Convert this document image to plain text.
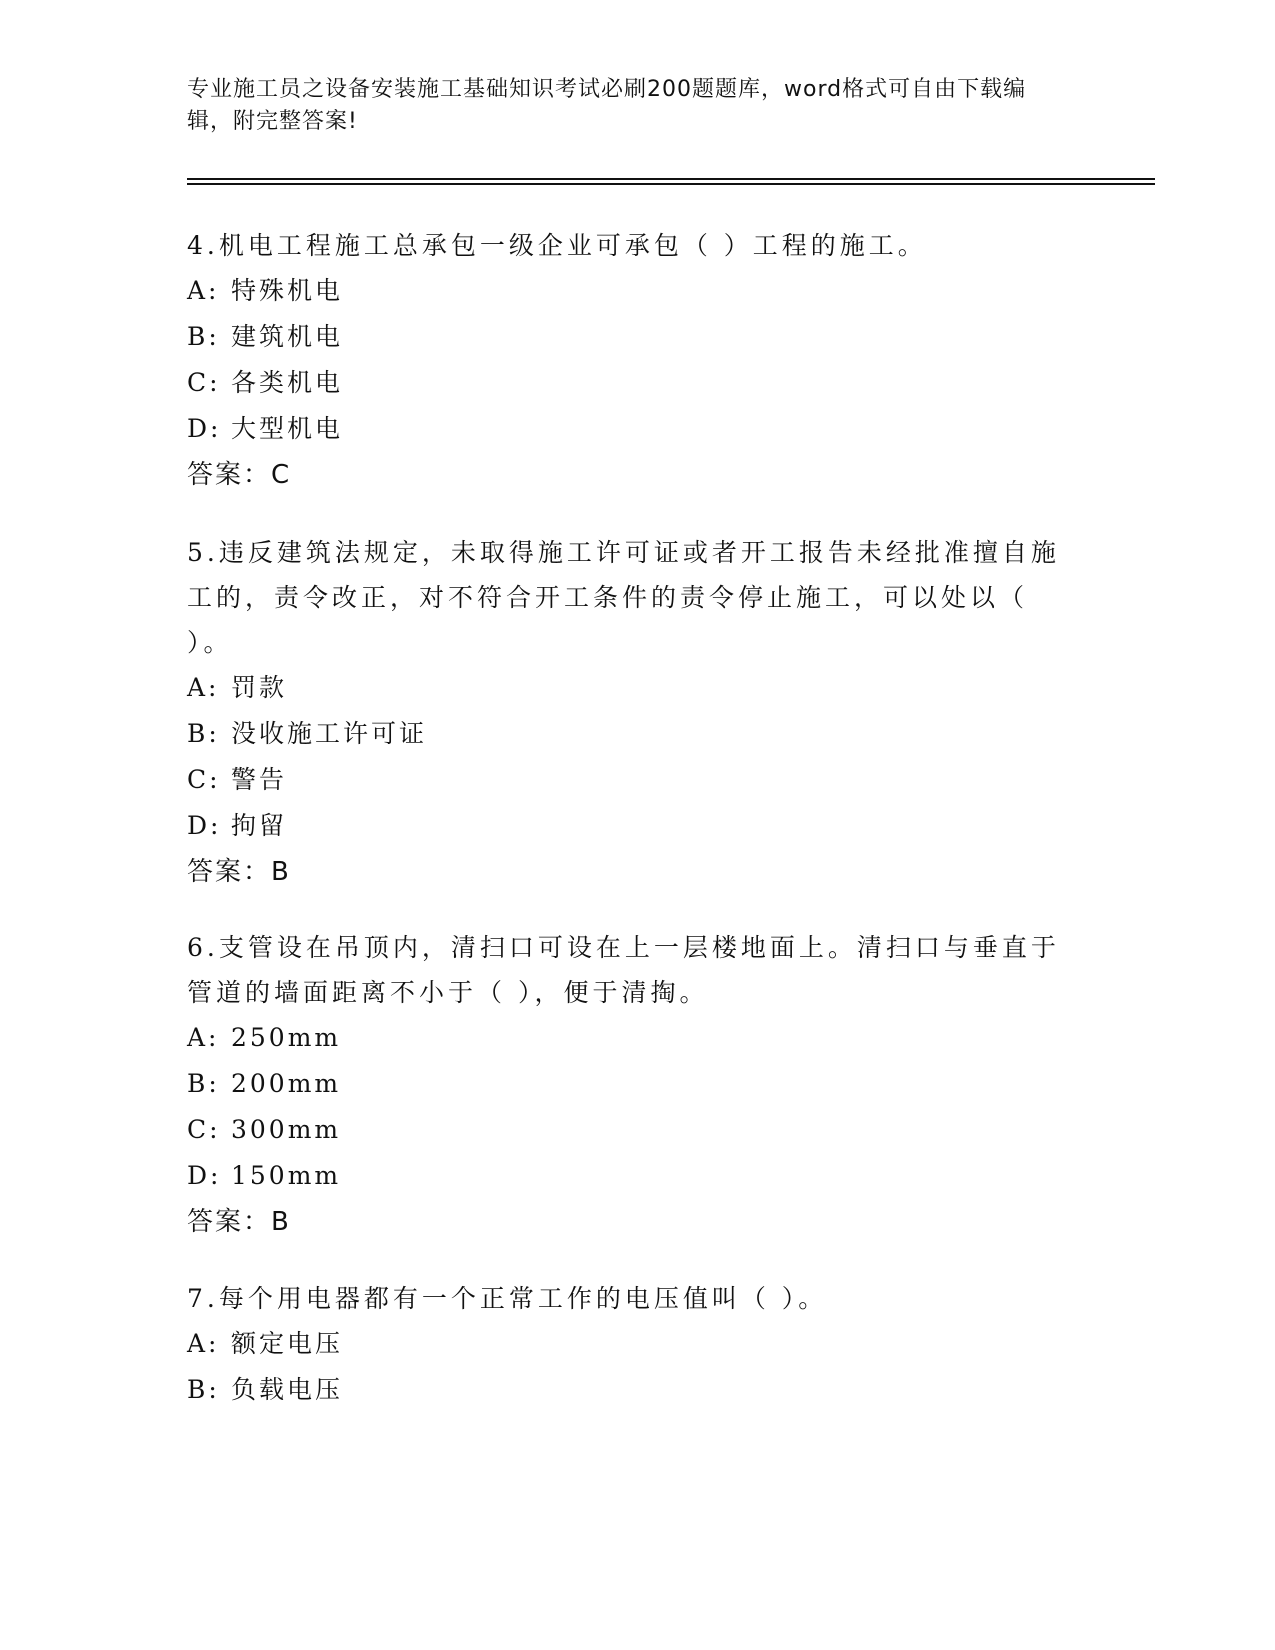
专业施工员之设备安装施工基础知识考试必刷200题题库，word格式可自由下载编辑，附完整答案!

4.机电工程施工总承包一级企业可承包（ ）工程的施工。

A: 特殊机电
B: 建筑机电
C: 各类机电
D: 大型机电
答案：C

5.违反建筑法规定，未取得施工许可证或者开工报告未经批准擅自施工的，责令改正，对不符合开工条件的责令停止施工，可以处以（ ）。

A: 罚款
B: 没收施工许可证
C: 警告
D: 拘留
答案：B

6.支管设在吊顶内，清扫口可设在上一层楼地面上。清扫口与垂直于管道的墙面距离不小于（ ），便于清掏。

A: 250mm
B: 200mm
C: 300mm
D: 150mm
答案：B

7.每个用电器都有一个正常工作的电压值叫（ ）。

A: 额定电压
B: 负载电压
